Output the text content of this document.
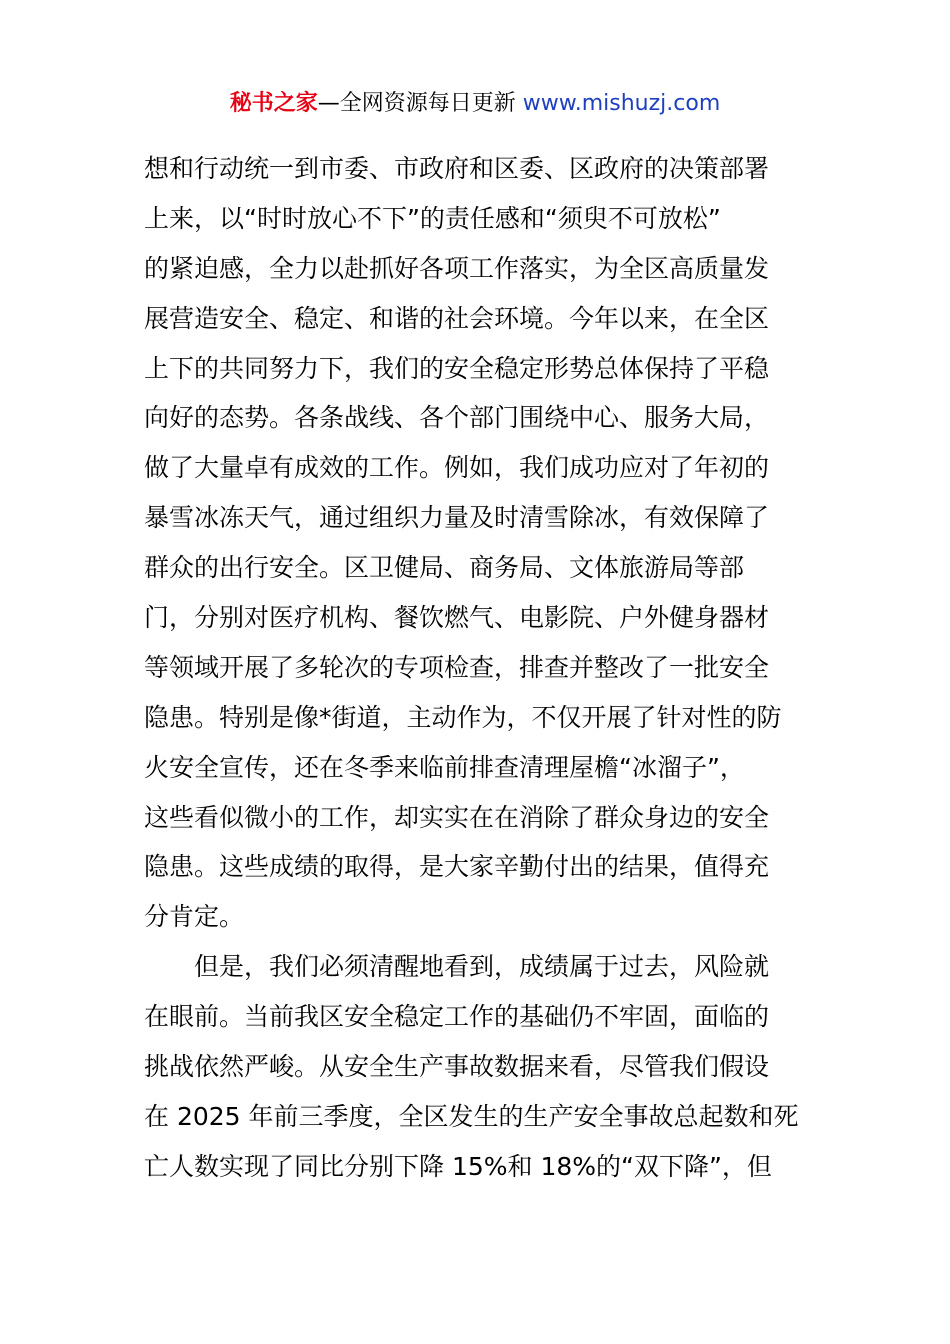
秘书之家—全网资源每日更新 www.mishuzj.com
想和行动统一到市委、市政府和区委、区政府的决策部署
上来，以“时时放心不下”的责任感和“须臾不可放松”
的紧迫感，全力以赴抓好各项工作落实，为全区高质量发
展营造安全、稳定、和谐的社会环境。今年以来，在全区
上下的共同努力下，我们的安全稳定形势总体保持了平稳
向好的态势。各条战线、各个部门围绕中心、服务大局，
做了大量卓有成效的工作。例如，我们成功应对了年初的
暴雪冰冻天气，通过组织力量及时清雪除冰，有效保障了
群众的出行安全。区卫健局、商务局、文体旅游局等部
门，分别对医疗机构、餐饮燃气、电影院、户外健身器材
等领域开展了多轮次的专项检查，排查并整改了一批安全
隐患。特别是像*街道，主动作为，不仅开展了针对性的防
火安全宣传，还在冬季来临前排查清理屋檐“冰溜子”，
这些看似微小的工作，却实实在在消除了群众身边的安全
隐患。这些成绩的取得，是大家辛勤付出的结果，值得充
分肯定。
但是，我们必须清醒地看到，成绩属于过去，风险就
在眼前。当前我区安全稳定工作的基础仍不牢固，面临的
挑战依然严峻。从安全生产事故数据来看，尽管我们假设
在 2025 年前三季度，全区发生的生产安全事故总起数和死
亡人数实现了同比分别下降 15%和 18%的“双下降”，但
